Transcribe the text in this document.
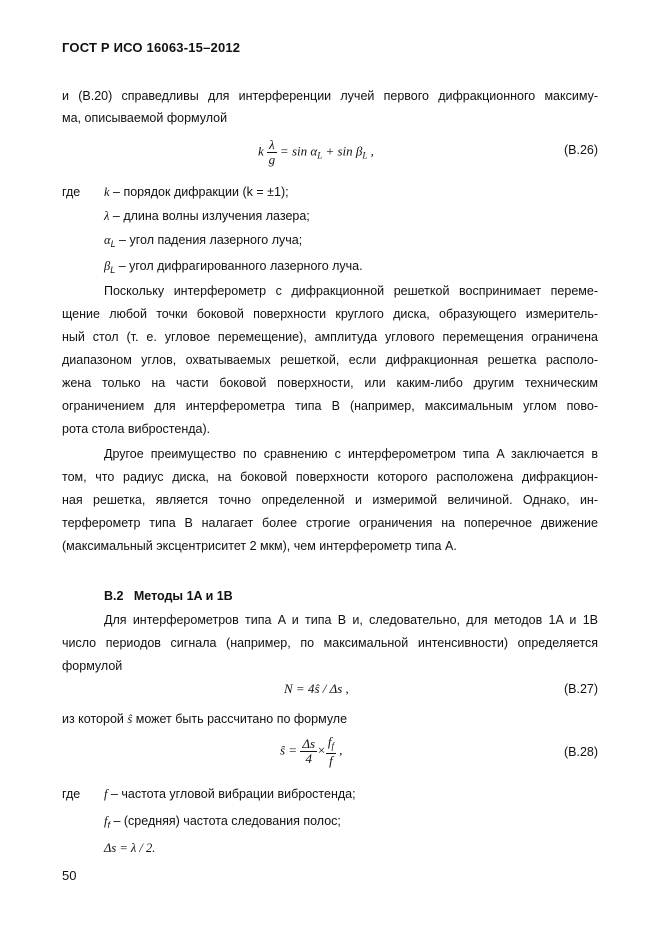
ГОСТ Р ИСО 16063-15–2012
и (B.20) справедливы для интерференции лучей первого дифракционного максиму-
ма, описываемой формулой
k $\frac{\lambda}{g} = \sin \alpha_L + \sin \beta_L$ ,	(B.26)
где k – порядок дифракции (k = ±1);
λ – длина волны излучения лазера;
$\alpha_L$ – угол падения лазерного луча;
$\beta_L$ – угол дифрагированного лазерного луча.
Поскольку интерферометр с дифракционной решеткой воспринимает переме-
щение любой точки боковой поверхности круглого диска, образующего измеритель-
ный стол (т. е. угловое перемещение), амплитуда углового перемещения ограничена
диапазоном углов, охватываемых решеткой, если дифракционная решетка располо-
жена только на части боковой поверхности, или каким-либо другим техническим
ограничением для интерферометра типа B (например, максимальным углом пово-
рота стола вибростенда).
Другое преимущество по сравнению с интерферометром типа A заключается в
том, что радиус диска, на боковой поверхности которого расположена дифракцион-
ная решетка, является точно определенной и измеримой величиной. Однако, ин-
терферометр типа B налагает более строгие ограничения на поперечное движение
(максимальный эксцентриситет 2 мкм), чем интерферометр типа A.
B.2 Методы 1A и 1B
Для интерферометров типа A и типа B и, следовательно, для методов 1A и 1B
число периодов сигнала (например, по максимальной интенсивности) определяется
формулой
N = 4ŝ / Δs ,	(B.27)
из которой ŝ может быть рассчитано по формуле
ŝ = $\frac{\Delta s}{4} \times \frac{f_f}{f}$ ,	(B.28)
где f – частота угловой вибрации вибростенда;
$f_f$ – (средняя) частота следования полос;
Δs = λ / 2.
50
